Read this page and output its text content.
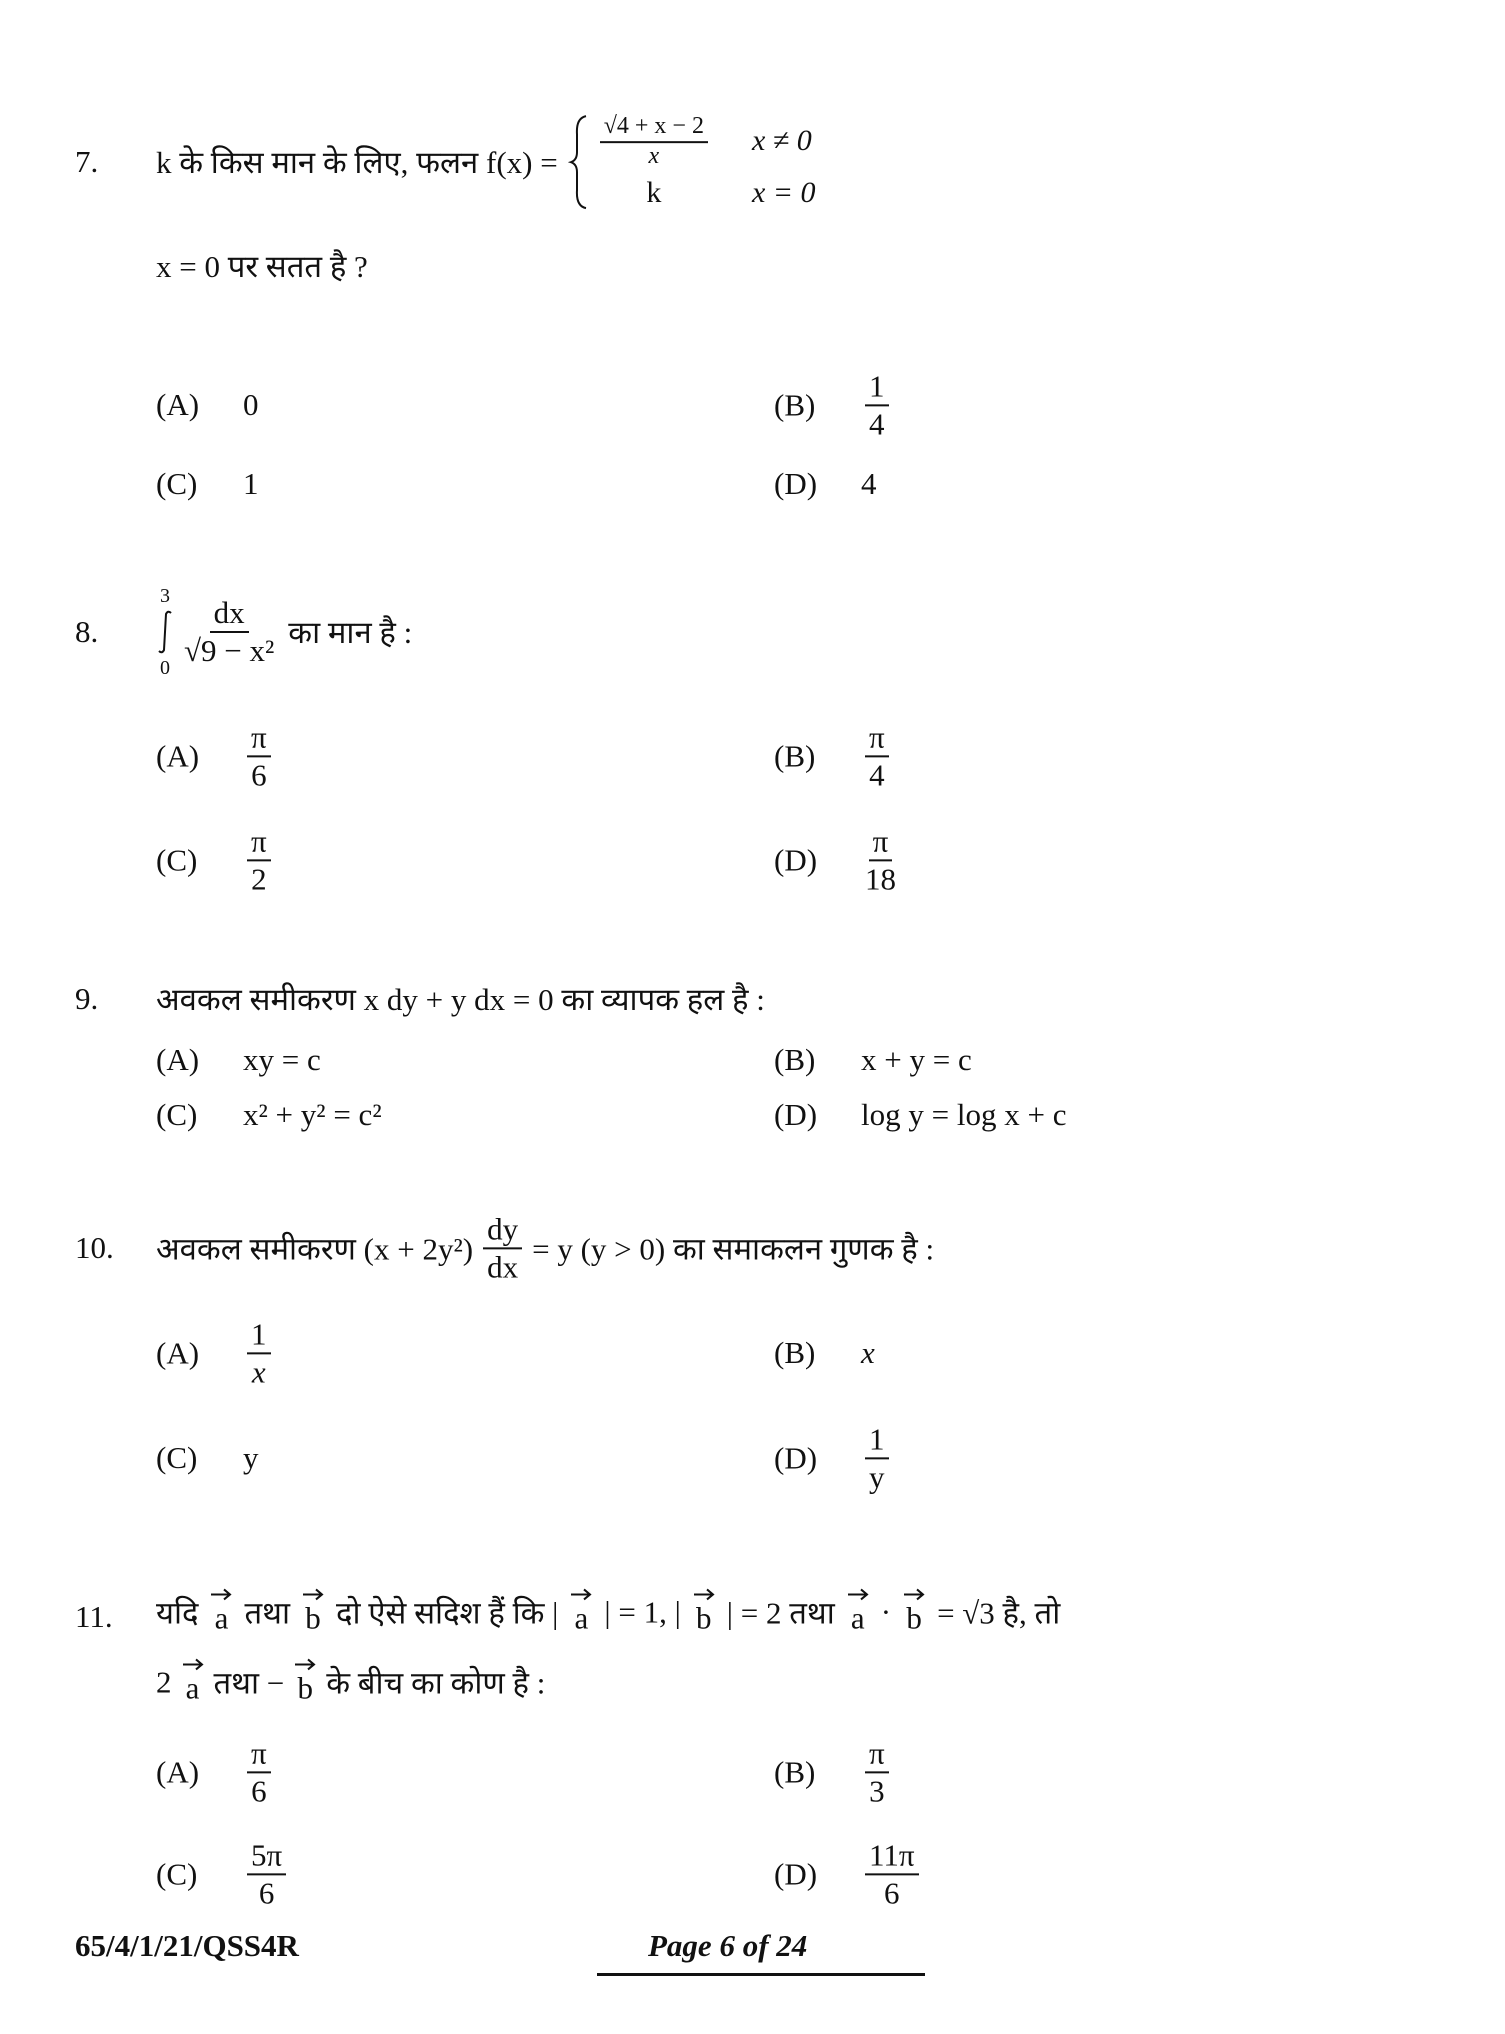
7. k के किस मान के लिए, फलन $f(x) = \frac{√4 + x - 2}{x}$ x ≠ 0
k	x = 0
x = 0 पर सतत है ?
(A)	0	(B)	$\frac{1}{4}$
(C)	1	(D)	4
8.
3
$0 \frac{dx}{\text{√9 − x²}}$ का मान है :
(A)	$\frac{\pi}{6}$	(B)	$\frac{\pi}{4}$
(C)	$\frac{\pi}{2}$	(D)	$\frac{\pi}{18}$
9. अवकल समीकरण x dy + y dx = 0 का व्यापक हल है :
(A)	xy = c	(B)	x + y = c
(C)	x² + y² = c²	(D)	log y = log x + c
10. अवकल समीकरण $(x + 2y^2) \frac{dy}{dx} = y$ (y > 0) का समाकलन गुणक है :
(A)	$\frac{1}{x}$	(B)	x
(C)	y	(D)	$\frac{1}{y}$
11. यदि a तथा b दो ऐसे सदिश हैं कि | a | = 1, | b | = 2 तथा a · b = √3 है, तो
2 a तथा − b के बीच का कोण है :
(A)	$\frac{\pi}{6}$	(B)	$\frac{\pi}{3}$
(C)	$\frac{5\pi}{6}$	(D)	$\frac{11\pi}{6}$
65/4/1/21/QSS4R	Page 6 of 24
